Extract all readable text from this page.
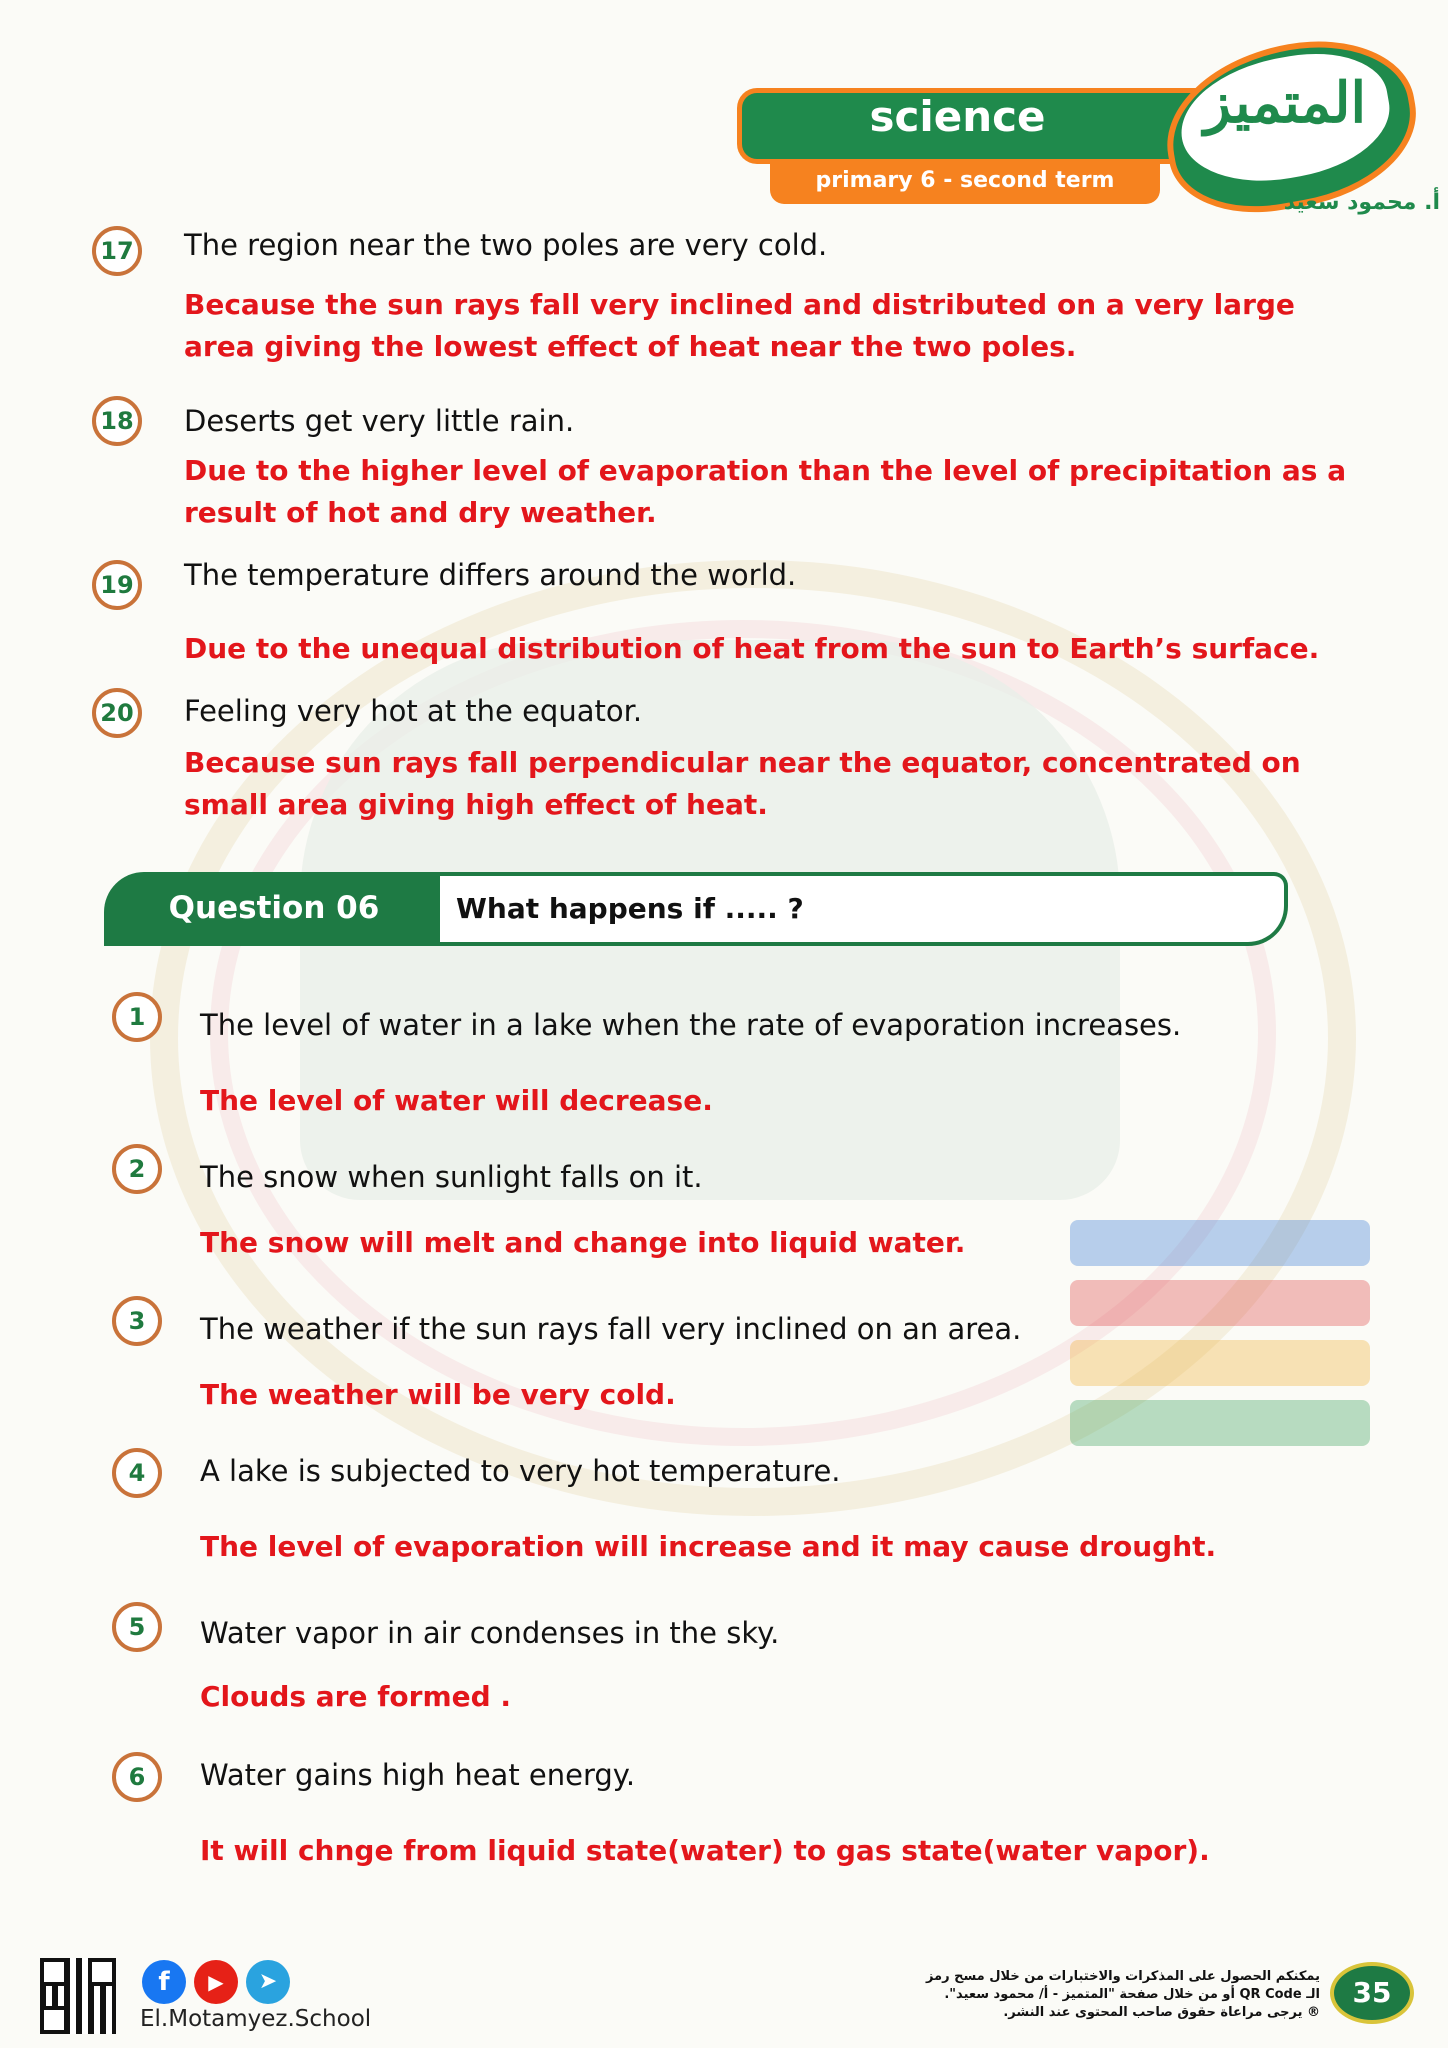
science
primary 6 - second term
المتميز
أ. محمود سعيد
17 The region near the two poles are very cold.
Because the sun rays fall very inclined and distributed on a very large
area giving the lowest effect of heat near the two poles.
18 Deserts get very little rain.
Due to the higher level of evaporation than the level of precipitation as a
result of hot and dry weather.
19 The temperature differs around the world.
Due to the unequal distribution of heat from the sun to Earth’s surface.
20 Feeling very hot at the equator.
Because sun rays fall perpendicular near the equator, concentrated on
small area giving high effect of heat.
Question 06	What happens if ..... ?
1	The level of water in a lake when the rate of evaporation increases.
The level of water will decrease.
2	The snow when sunlight falls on it.
The snow will melt and change into liquid water.
3	The weather if the sun rays fall very inclined on an area.
The weather will be very cold.
4	A lake is subjected to very hot temperature.
The level of evaporation will increase and it may cause drought.
5	Water vapor in air condenses in the sky.
Clouds are formed .
6	Water gains high heat energy.
It will chnge from liquid state(water) to gas state(water vapor).
f	▶	➤
El.Motamyez.School
يمكنكم الحصول على المذكرات والاختبارات من خلال مسح رمز
الـ QR Code أو من خلال صفحة "المتميز - أ/ محمود سعيد".
® يرجى مراعاة حقوق صاحب المحتوى عند النشر.
35
